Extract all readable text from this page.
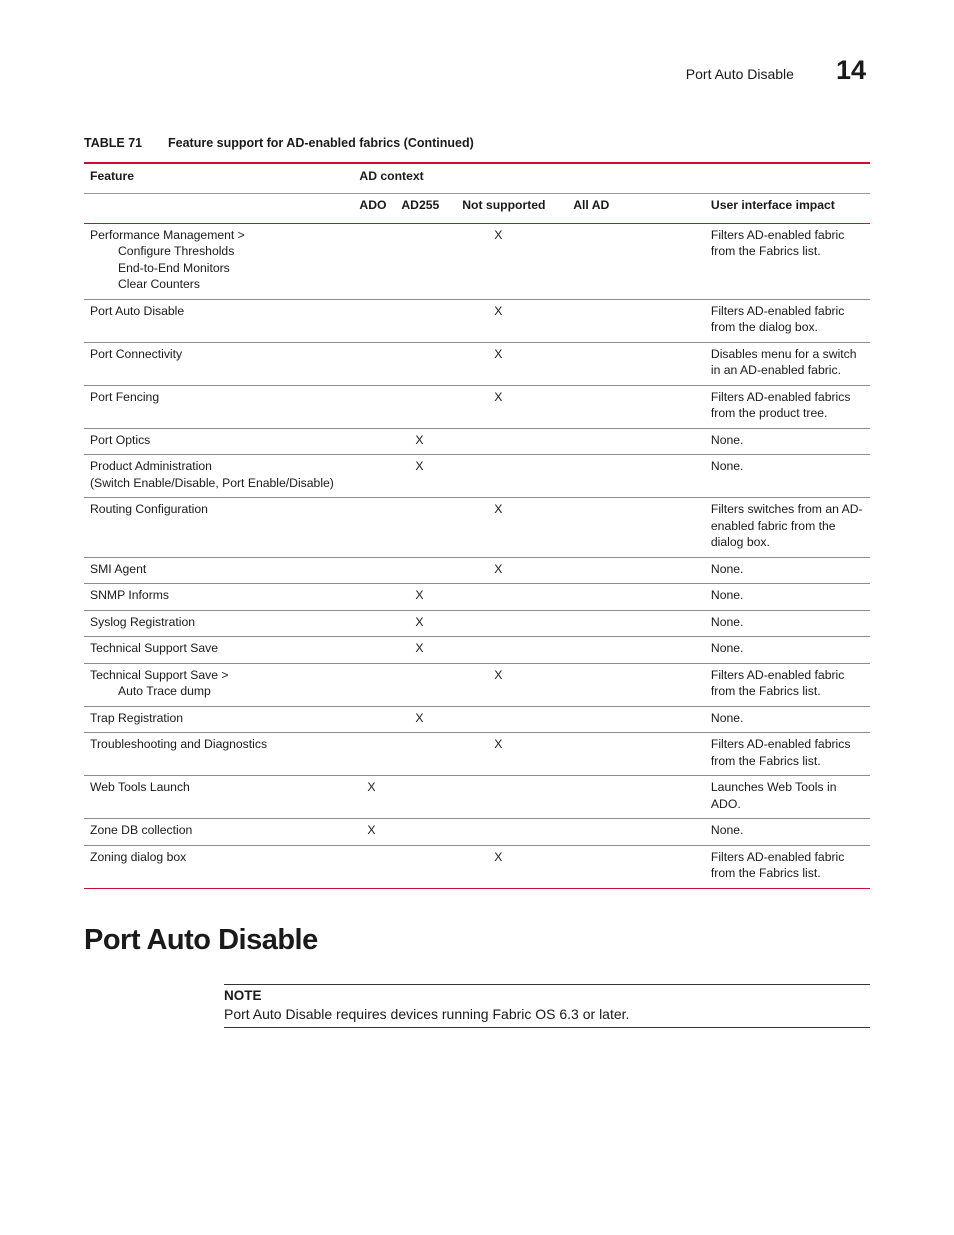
Port Auto Disable 14
TABLE 71 Feature support for AD-enabled fabrics (Continued)
Feature	AD context				
	ADO	AD255	Not supported	All AD	User interface impact

Performance Management >
Configure Thresholds
End-to-End Monitors
Clear Counters			X		Filters AD-enabled fabric from the Fabrics list.

Port Auto Disable			X		Filters AD-enabled fabric from the dialog box.

Port Connectivity			X		Disables menu for a switch in an AD-enabled fabric.

Port Fencing			X		Filters AD-enabled fabrics from the product tree.

Port Optics		X			None.

Product Administration
(Switch Enable/Disable, Port Enable/Disable)		X			None.

Routing Configuration			X		Filters switches from an AD-enabled fabric from the dialog box.

SMI Agent			X		None.

SNMP Informs		X			None.

Syslog Registration		X			None.

Technical Support Save		X			None.

Technical Support Save >
Auto Trace dump			X		Filters AD-enabled fabric from the Fabrics list.

Trap Registration		X			None.

Troubleshooting and Diagnostics			X		Filters AD-enabled fabrics from the Fabrics list.

Web Tools Launch	X				Launches Web Tools in ADO.

Zone DB collection	X				None.

Zoning dialog box			X		Filters AD-enabled fabric from the Fabrics list.
Port Auto Disable
NOTE
Port Auto Disable requires devices running Fabric OS 6.3 or later.
